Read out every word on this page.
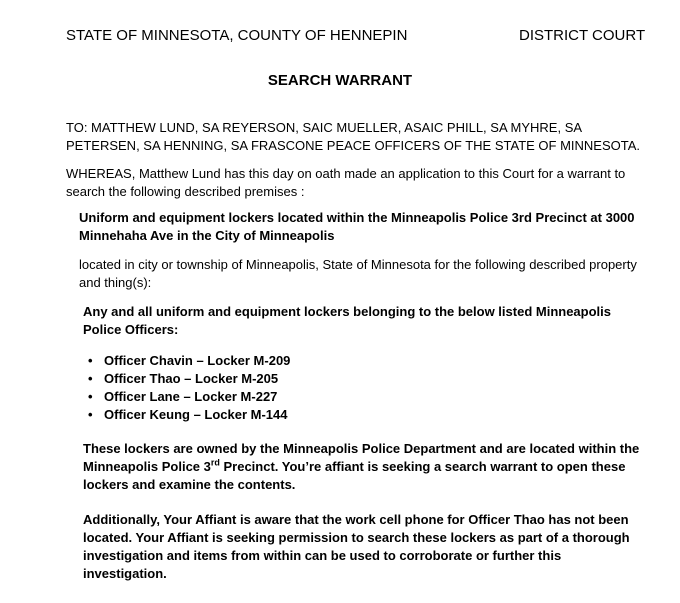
STATE OF MINNESOTA, COUNTY OF HENNEPIN	DISTRICT COURT
SEARCH WARRANT
TO: MATTHEW LUND, SA REYERSON, SAIC MUELLER, ASAIC PHILL, SA MYHRE, SA PETERSEN, SA HENNING, SA FRASCONE PEACE OFFICERS OF THE STATE OF MINNESOTA.
WHEREAS, Matthew Lund has this day on oath made an application to this Court for a warrant to search the following described premises :
Uniform and equipment lockers located within the Minneapolis Police 3rd Precinct at 3000 Minnehaha Ave in the City of Minneapolis
located in city or township of Minneapolis, State of Minnesota for the following described property and thing(s):
Any and all uniform and equipment lockers belonging to the below listed Minneapolis Police Officers:
• Officer Chavin – Locker M-209
• Officer Thao – Locker M-205
• Officer Lane – Locker M-227
• Officer Keung – Locker M-144
These lockers are owned by the Minneapolis Police Department and are located within the Minneapolis Police 3rd Precinct. You’re affiant is seeking a search warrant to open these lockers and examine the contents.
Additionally, Your Affiant is aware that the work cell phone for Officer Thao has not been located. Your Affiant is seeking permission to search these lockers as part of a thorough investigation and items from within can be used to corroborate or further this investigation.
